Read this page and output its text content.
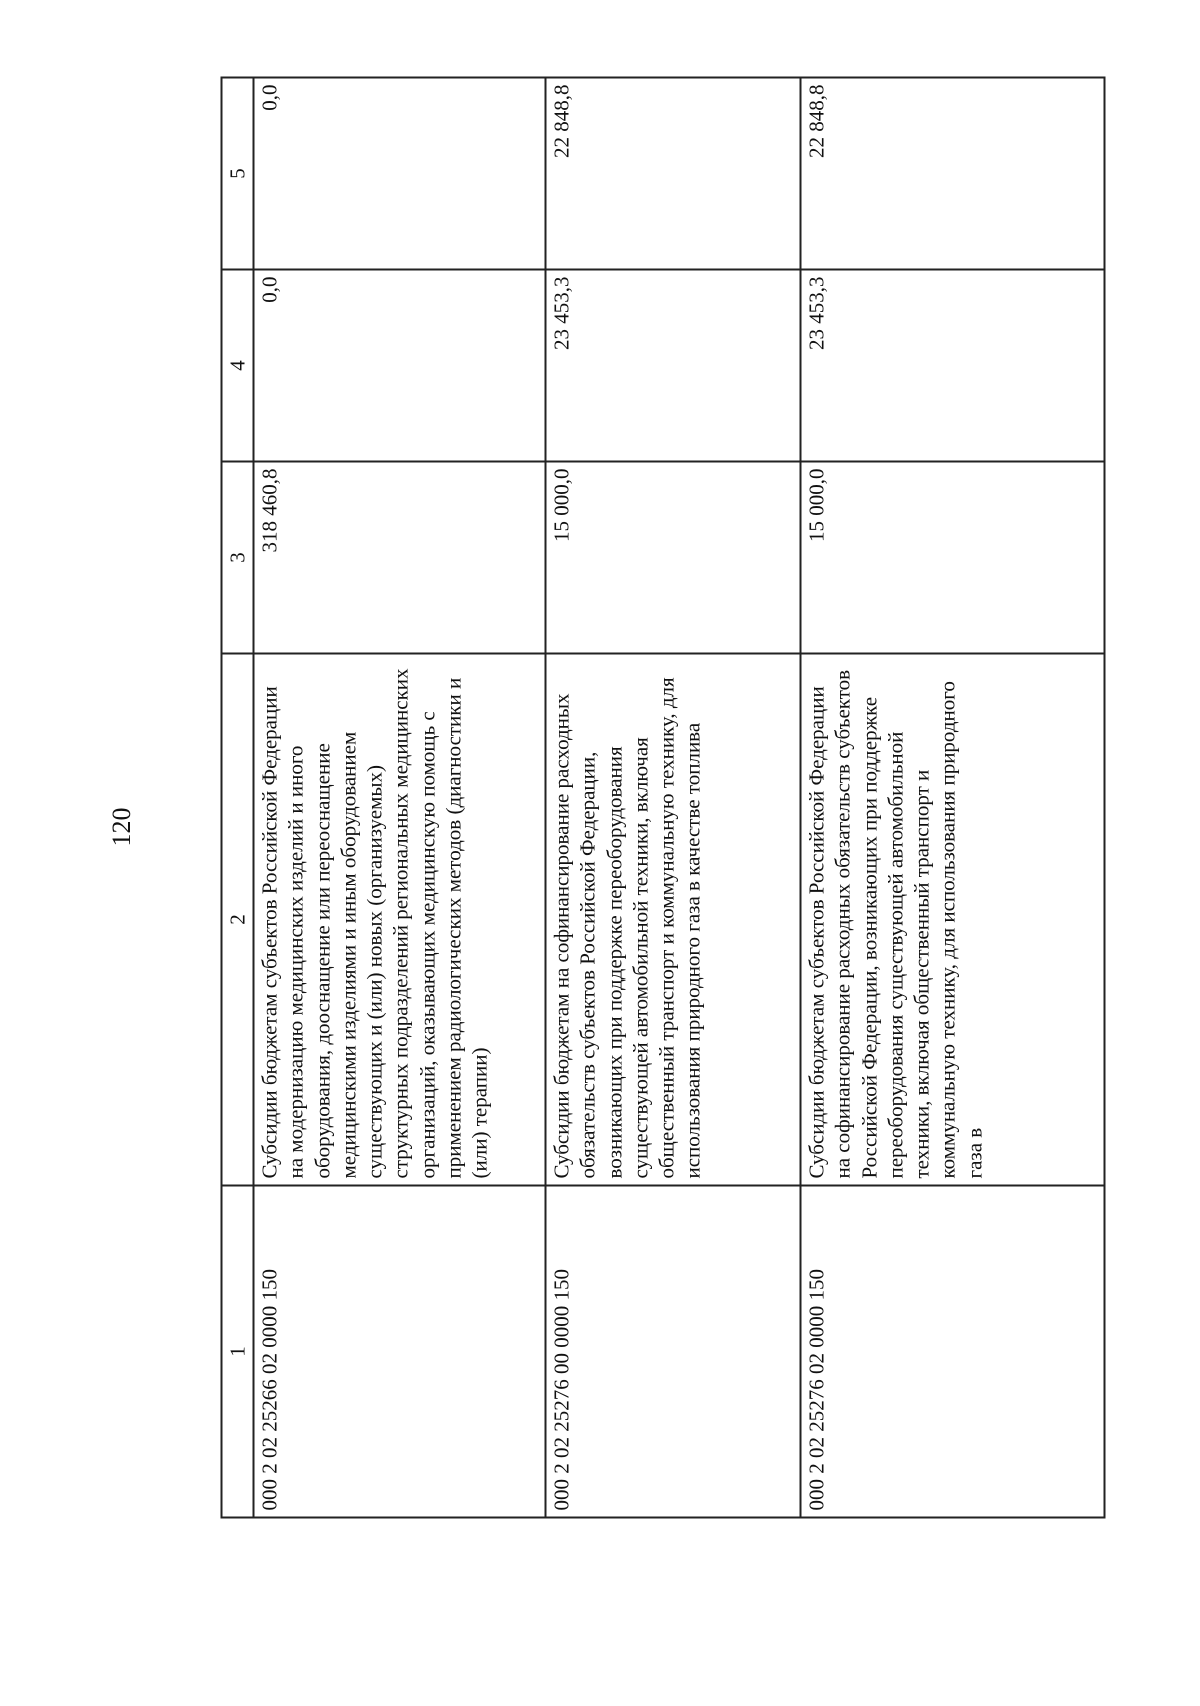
120
1	2	3	4	5
000 2 02 25266 02 0000 150	Субсидии бюджетам субъектов Российской Федерации на модернизацию медицинских изделий и иного оборудования, дооснащение или переоснащение медицинскими изделиями и иным оборудованием существующих и (или) новых (организуемых) структурных подразделений региональных медицинских организаций, оказывающих медицинскую помощь с применением радиологических методов (диагностики и (или) терапии)	318 460,8	0,0	0,0
000 2 02 25276 00 0000 150	Субсидии бюджетам на софинансирование расходных обязательств субъектов Российской Федерации, возникающих при поддержке переоборудования существующей автомобильной техники, включая общественный транспорт и коммунальную технику, для использования природного газа в качестве топлива	15 000,0	23 453,3	22 848,8
000 2 02 25276 02 0000 150	Субсидии бюджетам субъектов Российской Федерации на софинансирование расходных обязательств субъектов Российской Федерации, возникающих при поддержке переоборудования существующей автомобильной техники, включая общественный транспорт и коммунальную технику, для использования природного газа в	15 000,0	23 453,3	22 848,8
